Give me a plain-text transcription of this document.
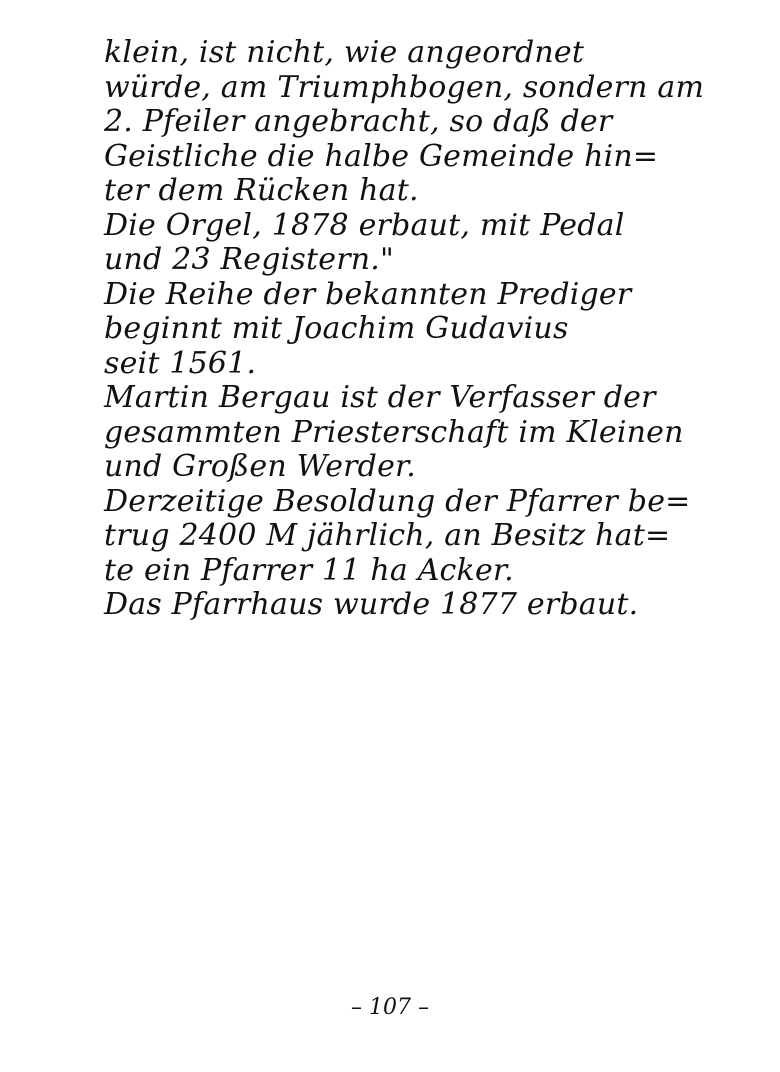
klein, ist nicht, wie angeordnet
würde, am Triumphbogen, sondern am
2. Pfeiler angebracht, so daß der
Geistliche die halbe Gemeinde hin=
ter dem Rücken hat.
Die Orgel, 1878 erbaut, mit Pedal
und 23 Registern."
Die Reihe der bekannten Prediger
beginnt mit Joachim Gudavius
seit 1561.
Martin Bergau ist der Verfasser der
gesammten Priesterschaft im Kleinen
und Großen Werder.
Derzeitige Besoldung der Pfarrer be=
trug 2400 M jährlich, an Besitz hat=
te ein Pfarrer 11 ha Acker.
Das Pfarrhaus wurde 1877 erbaut.
– 107 –
